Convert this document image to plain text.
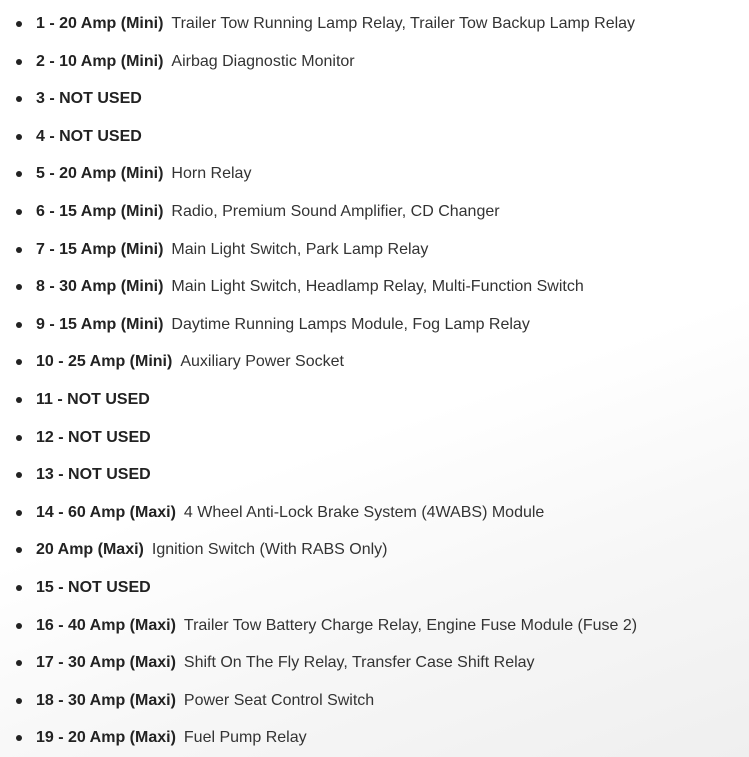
1 - 20 Amp (Mini) Trailer Tow Running Lamp Relay, Trailer Tow Backup Lamp Relay
2 - 10 Amp (Mini) Airbag Diagnostic Monitor
3 - NOT USED
4 - NOT USED
5 - 20 Amp (Mini) Horn Relay
6 - 15 Amp (Mini) Radio, Premium Sound Amplifier, CD Changer
7 - 15 Amp (Mini) Main Light Switch, Park Lamp Relay
8 - 30 Amp (Mini) Main Light Switch, Headlamp Relay, Multi-Function Switch
9 - 15 Amp (Mini) Daytime Running Lamps Module, Fog Lamp Relay
10 - 25 Amp (Mini) Auxiliary Power Socket
11 - NOT USED
12 - NOT USED
13 - NOT USED
14 - 60 Amp (Maxi) 4 Wheel Anti-Lock Brake System (4WABS) Module
20 Amp (Maxi) Ignition Switch (With RABS Only)
15 - NOT USED
16 - 40 Amp (Maxi) Trailer Tow Battery Charge Relay, Engine Fuse Module (Fuse 2)
17 - 30 Amp (Maxi) Shift On The Fly Relay, Transfer Case Shift Relay
18 - 30 Amp (Maxi) Power Seat Control Switch
19 - 20 Amp (Maxi) Fuel Pump Relay
